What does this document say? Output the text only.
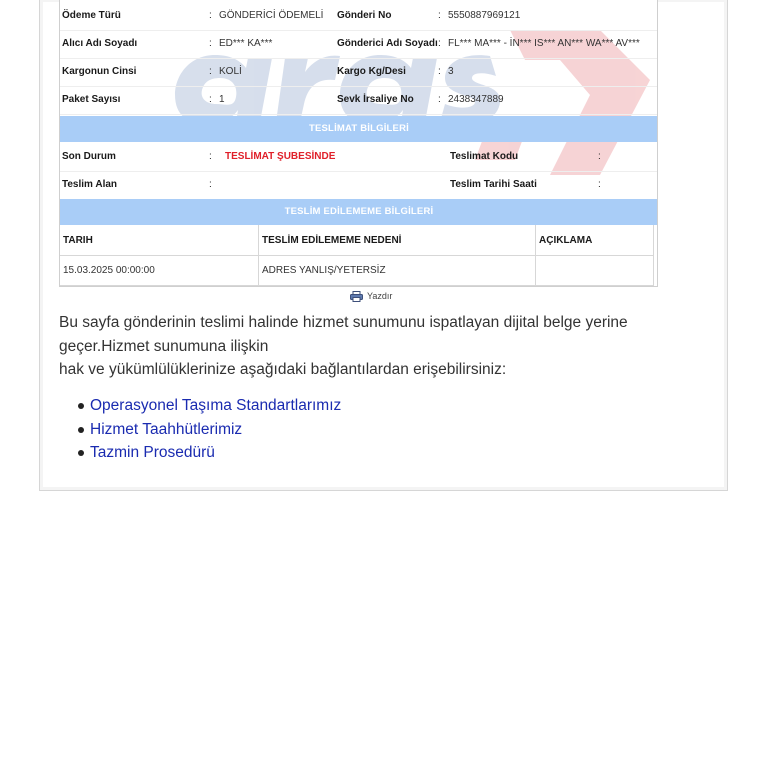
Ödeme Türü	: GÖNDERİCİ ÖDEMELİ Gönderi No	: 5550887969121
Alıcı Adı Soyadı	: ED*** KA***	Gönderici Adı Soyadı : FL*** MA*** - İN*** IS*** AN*** WA*** AV***
Kargonun Cinsi	: KOLİ	Kargo Kg/Desi	: 3
Paket Sayısı	: 1	Sevk İrsaliye No : 2438347889
TESLİMAT BİLGİLERİ
Son Durum	: TESLİMAT ŞUBESİNDE	Teslimat Kodu	:
Teslim Alan	:	Teslim Tarihi Saati	:
TESLİM EDİLEMEME BİLGİLERİ
TARIH	TESLİM EDİLEMEME NEDENİ	AÇIKLAMA
15.03.2025 00:00:00	ADRES YANLIŞ/YETERSİZ
Yazdır
Bu sayfa gönderinin teslimi halinde hizmet sunumunu ispatlayan dijital belge yerine
geçer.Hizmet sunumuna ilişkin
hak ve yükümlülüklerinize aşağıdaki bağlantılardan erişebilirsiniz:
Operasyonel Taşıma Standartlarımız
Hizmet Taahhütlerimiz
Tazmin Prosedürü
